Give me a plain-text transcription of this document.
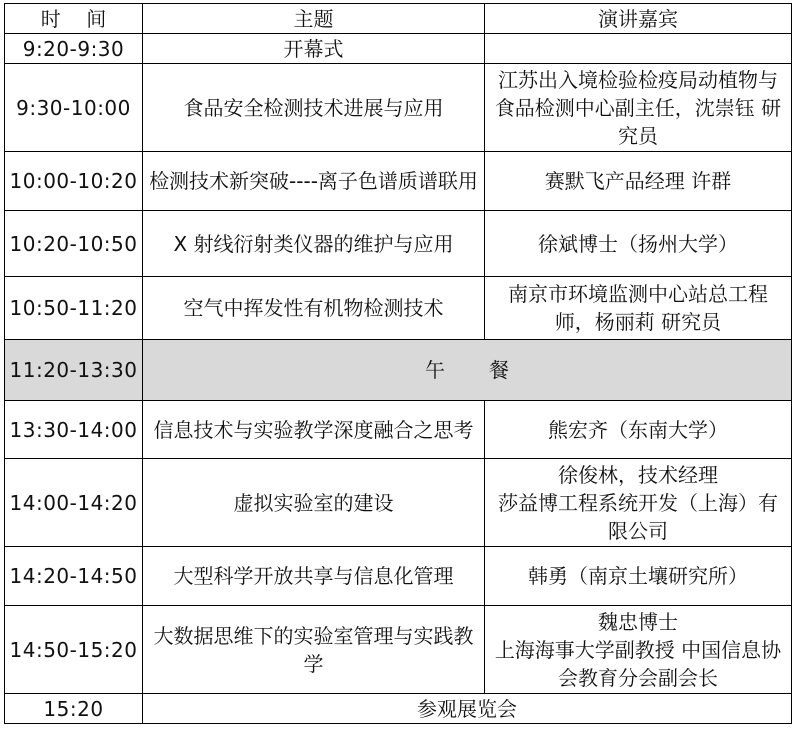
时    间	主题	演讲嘉宾
9:20-9:30	开幕式	
9:30-10:00	食品安全检测技术进展与应用	江苏出入境检验检疫局动植物与食品检测中心副主任，沈崇钰 研究员
10:00-10:20	检测技术新突破----离子色谱质谱联用	赛默飞产品经理 许群
10:20-10:50	X 射线衍射类仪器的维护与应用	徐斌博士（扬州大学）
10:50-11:20	空气中挥发性有机物检测技术	南京市环境监测中心站总工程师，杨丽莉 研究员
11:20-13:30	午餐	
13:30-14:00	信息技术与实验教学深度融合之思考	熊宏齐（东南大学）
14:00-14:20	虚拟实验室的建设	徐俊林，技术经理
莎益博工程系统开发（上海）有限公司

14:20-14:50	大型科学开放共享与信息化管理	韩勇（南京土壤研究所）
14:50-15:20	大数据思维下的实验室管理与实践教学	魏忠博士
上海海事大学副教授 中国信息协会教育分会副会长

15:20	参观展览会	
